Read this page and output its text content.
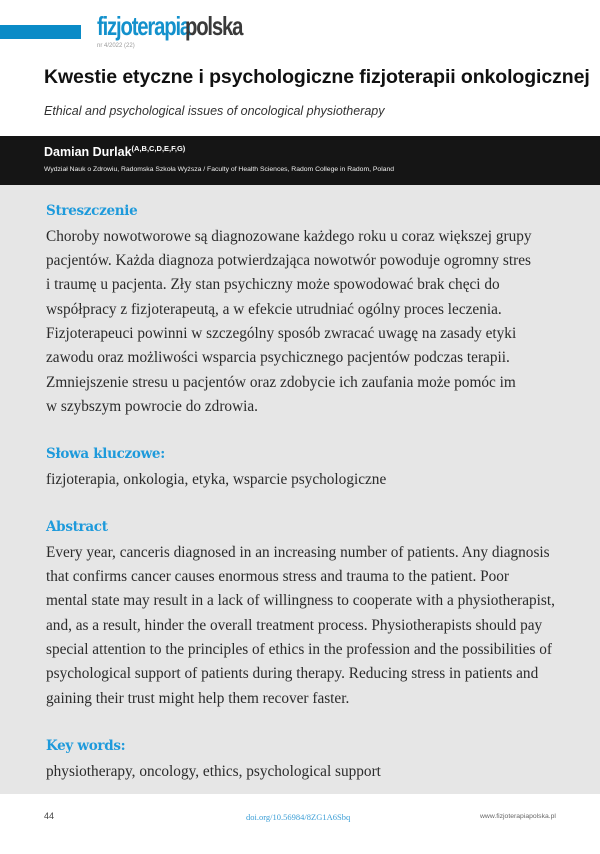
fizjoterapia
polska
nr 4/2022 (22)
Kwestie etyczne i psychologiczne fizjoterapii onkologicznej
Ethical and psychological issues of oncological physiotherapy
Damian Durlak$^{(A,B,C,D,E,F,G)}$
Wydział Nauk o Zdrowiu, Radomska Szkoła Wyższa / Faculty of Health Sciences, Radom College in Radom, Poland
Streszczenie
Choroby nowotworowe są diagnozowane każdego roku u coraz większej grupy
pacjentów. Każda diagnoza potwierdzająca nowotwór powoduje ogromny stres
i traumę u pacjenta. Zły stan psychiczny może spowodować brak chęci do
współpracy z fizjoterapeutą, a w efekcie utrudniać ogólny proces leczenia.
Fizjoterapeuci powinni w szczególny sposób zwracać uwagę na zasady etyki
zawodu oraz możliwości wsparcia psychicznego pacjentów podczas terapii.
Zmniejszenie stresu u pacjentów oraz zdobycie ich zaufania może pomóc im
w szybszym powrocie do zdrowia.
Słowa kluczowe:
fizjoterapia, onkologia, etyka, wsparcie psychologiczne
Abstract
Every year, canceris diagnosed in an increasing number of patients. Any diagnosis
that confirms cancer causes enormous stress and trauma to the patient. Poor
mental state may result in a lack of willingness to cooperate with a physiotherapist,
and, as a result, hinder the overall treatment process. Physiotherapists should pay
special attention to the principles of ethics in the profession and the possibilities of
psychological support of patients during therapy. Reducing stress in patients and
gaining their trust might help them recover faster.
Key words:
physiotherapy, oncology, ethics, psychological support
44	doi.org/10.56984/8ZG1A6Sbq	www.fizjoterapiapolska.pl
